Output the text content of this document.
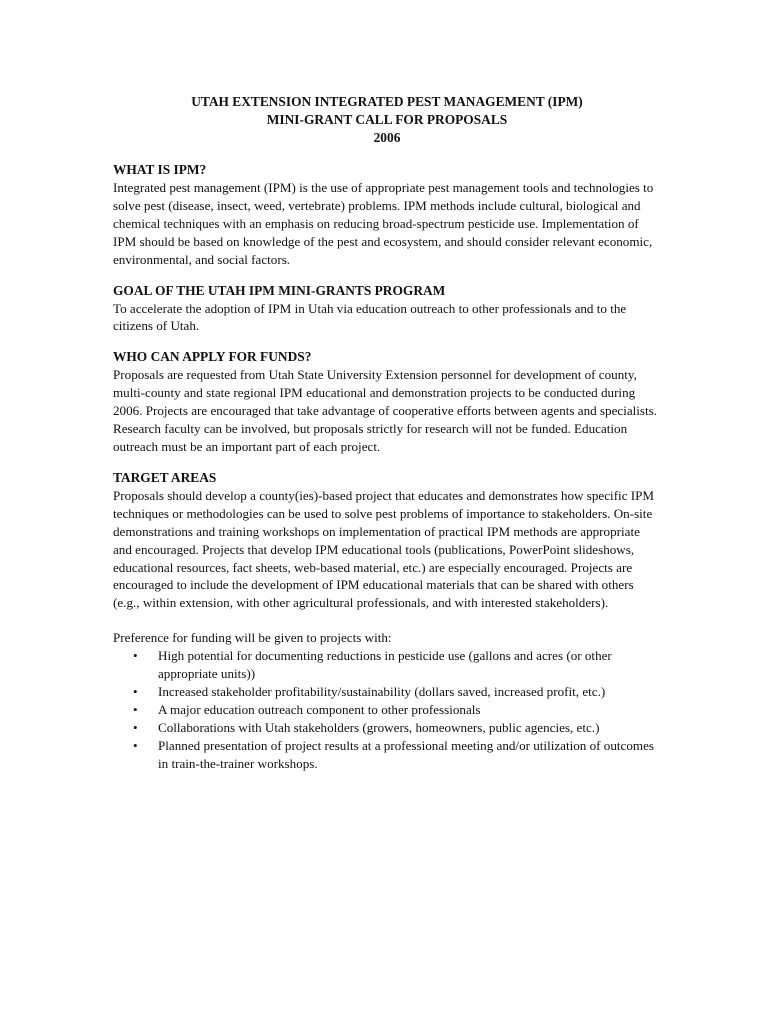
UTAH EXTENSION INTEGRATED PEST MANAGEMENT (IPM)
MINI-GRANT CALL FOR PROPOSALS
2006
WHAT IS IPM?

Integrated pest management (IPM) is the use of appropriate pest management tools and technologies to solve pest (disease, insect, weed, vertebrate) problems. IPM methods include cultural, biological and chemical techniques with an emphasis on reducing broad-spectrum pesticide use. Implementation of IPM should be based on knowledge of the pest and ecosystem, and should consider relevant economic, environmental, and social factors.

GOAL OF THE UTAH IPM MINI-GRANTS PROGRAM

To accelerate the adoption of IPM in Utah via education outreach to other professionals and to the citizens of Utah.

WHO CAN APPLY FOR FUNDS?

Proposals are requested from Utah State University Extension personnel for development of county, multi-county and state regional IPM educational and demonstration projects to be conducted during 2006. Projects are encouraged that take advantage of cooperative efforts between agents and specialists. Research faculty can be involved, but proposals strictly for research will not be funded. Education outreach must be an important part of each project.

TARGET AREAS

Proposals should develop a county(ies)-based project that educates and demonstrates how specific IPM techniques or methodologies can be used to solve pest problems of importance to stakeholders. On-site demonstrations and training workshops on implementation of practical IPM methods are appropriate and encouraged. Projects that develop IPM educational tools (publications, PowerPoint slideshows, educational resources, fact sheets, web-based material, etc.) are especially encouraged. Projects are encouraged to include the development of IPM educational materials that can be shared with others (e.g., within extension, with other agricultural professionals, and with interested stakeholders).

Preference for funding will be given to projects with:

• High potential for documenting reductions in pesticide use (gallons and acres (or other appropriate units))
• Increased stakeholder profitability/sustainability (dollars saved, increased profit, etc.)
• A major education outreach component to other professionals
• Collaborations with Utah stakeholders (growers, homeowners, public agencies, etc.)
• Planned presentation of project results at a professional meeting and/or utilization of outcomes in train-the-trainer workshops.
